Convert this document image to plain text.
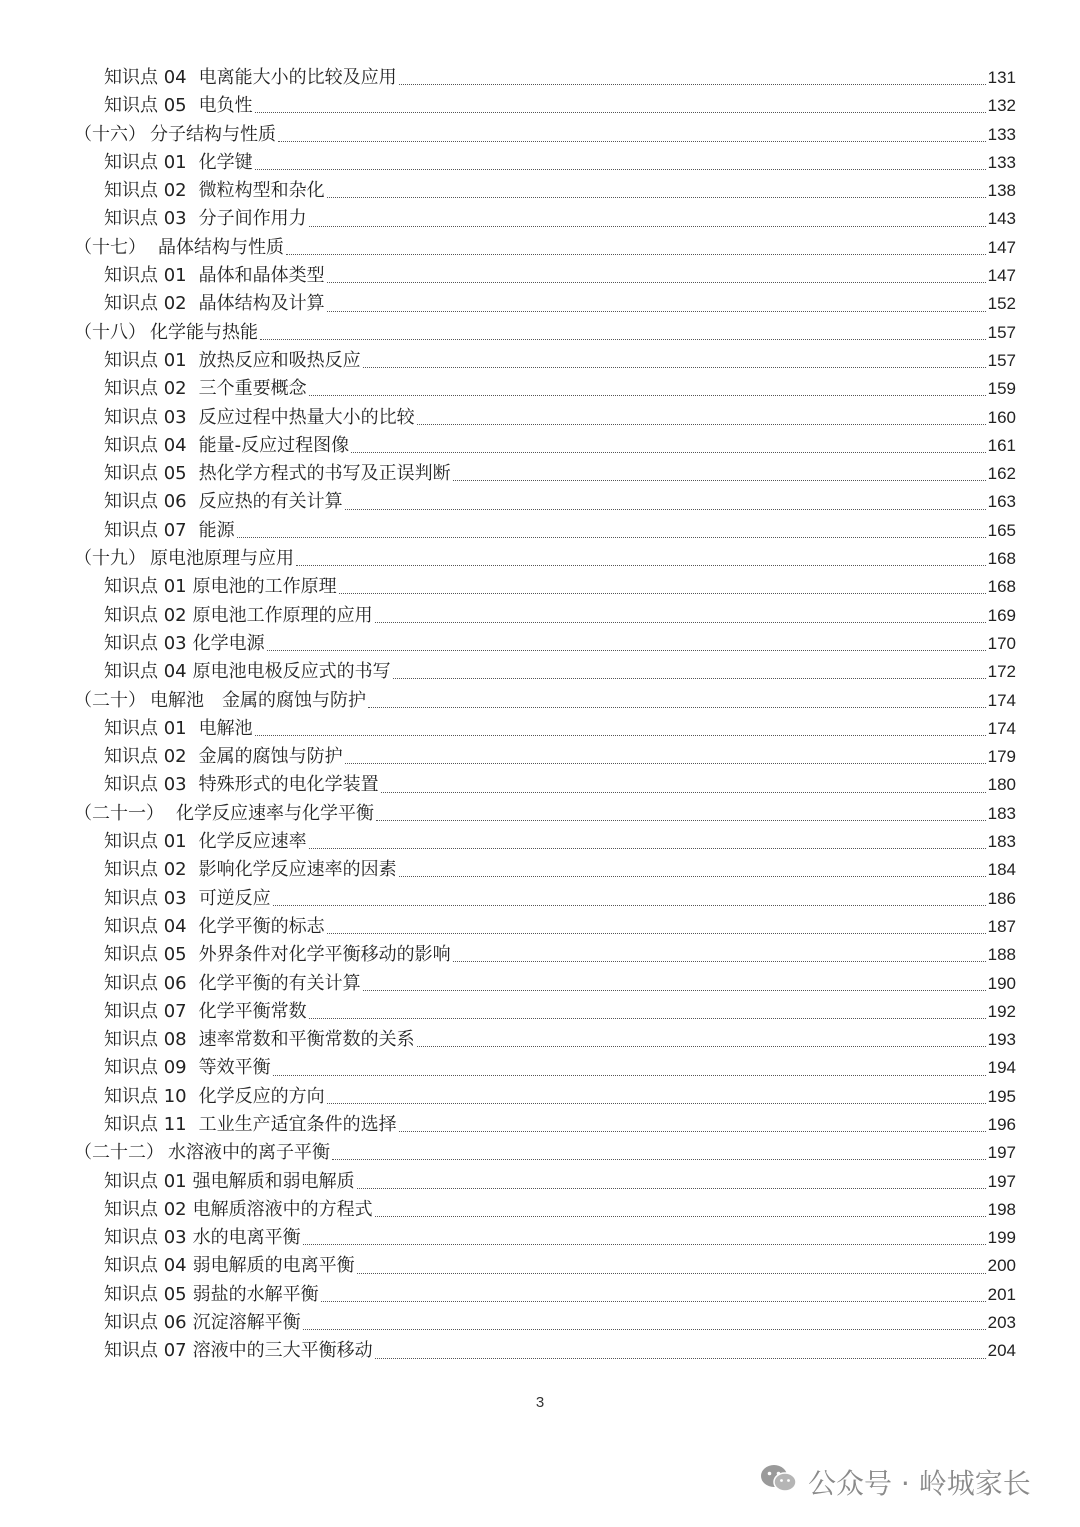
知识点 04 电离能大小的比较及应用	131
知识点 05 电负性	132
（十六） 分子结构与性质	133
知识点 01 化学键	133
知识点 02 微粒构型和杂化	138
知识点 03 分子间作用力	143
（十七） 晶体结构与性质	147
知识点 01 晶体和晶体类型	147
知识点 02 晶体结构及计算	152
（十八） 化学能与热能	157
知识点 01 放热反应和吸热反应	157
知识点 02 三个重要概念	159
知识点 03 反应过程中热量大小的比较	160
知识点 04 能量-反应过程图像	161
知识点 05 热化学方程式的书写及正误判断	162
知识点 06 反应热的有关计算	163
知识点 07 能源	165
（十九） 原电池原理与应用	168
知识点 01 原电池的工作原理	168
知识点 02 原电池工作原理的应用	169
知识点 03 化学电源	170
知识点 04 原电池电极反应式的书写	172
（二十） 电解池　金属的腐蚀与防护	174
知识点 01 电解池	174
知识点 02 金属的腐蚀与防护	179
知识点 03 特殊形式的电化学装置	180
（二十一） 化学反应速率与化学平衡	183
知识点 01 化学反应速率	183
知识点 02 影响化学反应速率的因素	184
知识点 03 可逆反应	186
知识点 04 化学平衡的标志	187
知识点 05 外界条件对化学平衡移动的影响	188
知识点 06 化学平衡的有关计算	190
知识点 07 化学平衡常数	192
知识点 08 速率常数和平衡常数的关系	193
知识点 09 等效平衡	194
知识点 10 化学反应的方向	195
知识点 11 工业生产适宜条件的选择	196
（二十二） 水溶液中的离子平衡	197
知识点 01 强电解质和弱电解质	197
知识点 02 电解质溶液中的方程式	198
知识点 03 水的电离平衡	199
知识点 04 弱电解质的电离平衡	200
知识点 05 弱盐的水解平衡	201
知识点 06 沉淀溶解平衡	203
知识点 07 溶液中的三大平衡移动	204
3
公众号 · 岭城家长
